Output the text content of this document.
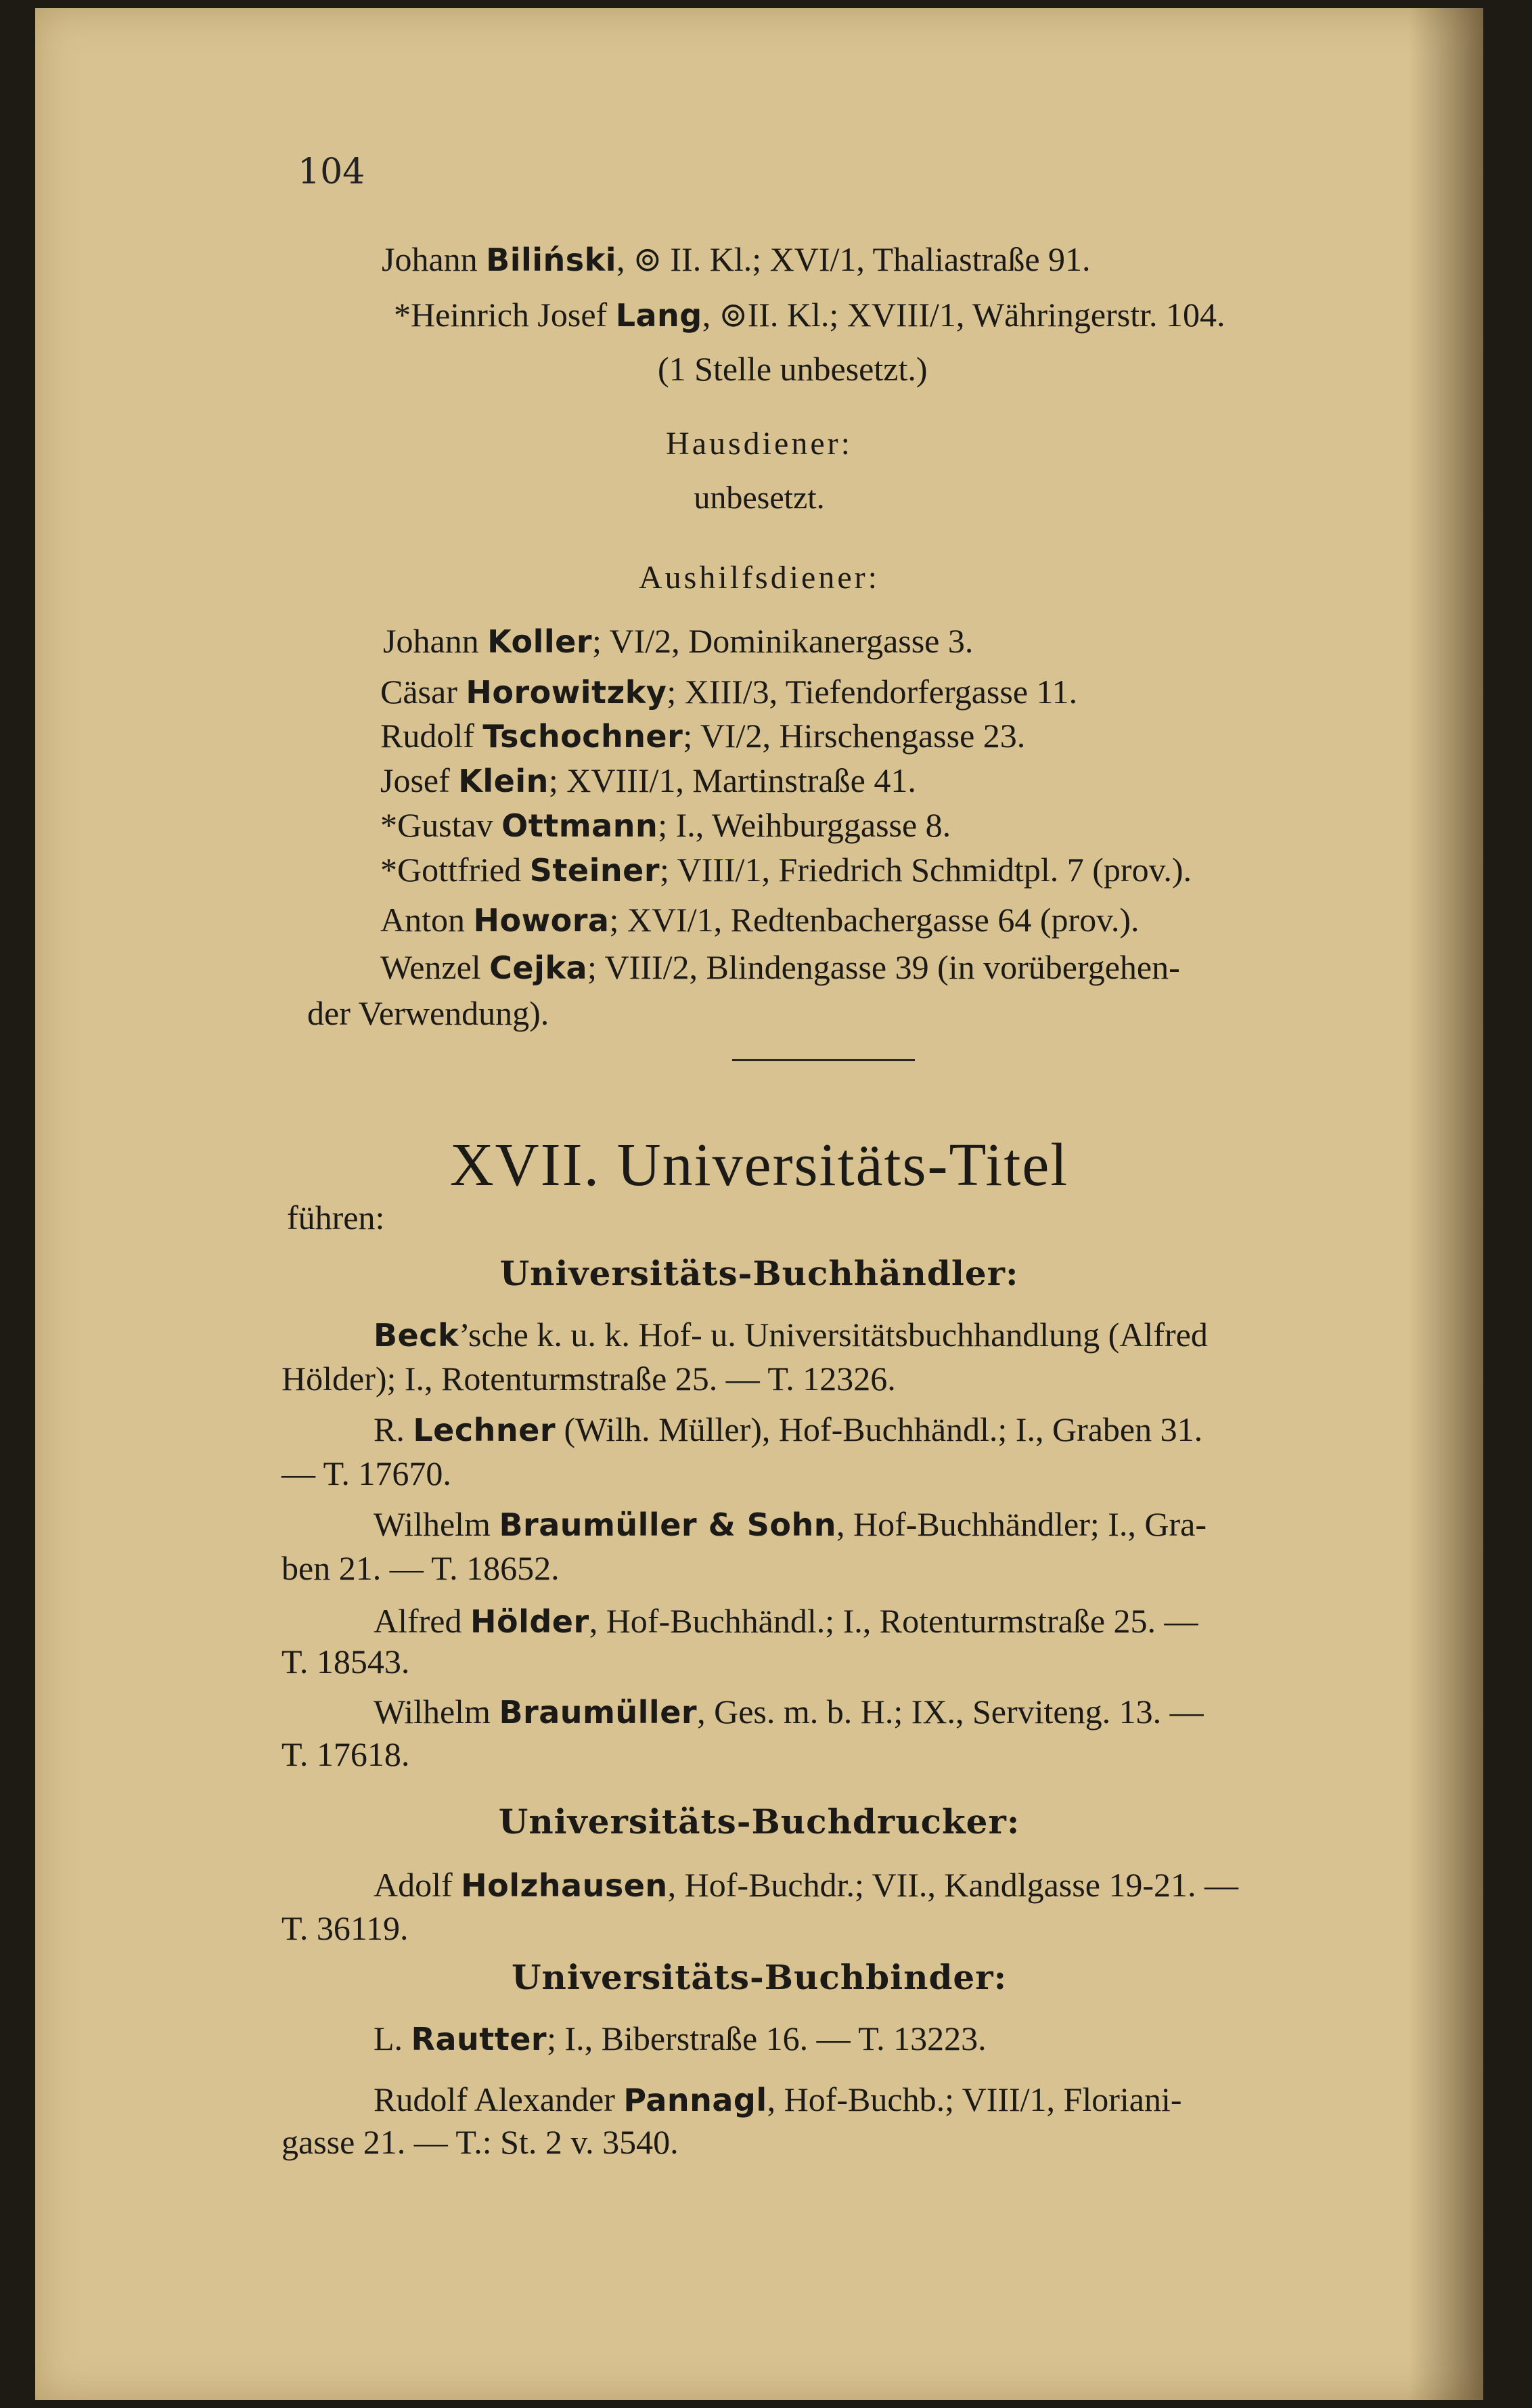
104
Johann Biliński, ⊚ II. Kl.; XVI/1, Thaliastraße 91.
*Heinrich Josef Lang, ⊚II. Kl.; XVIII/1, Währingerstr. 104.
(1 Stelle unbesetzt.)
Hausdiener:
unbesetzt.
Aushilfsdiener:
Johann Koller; VI/2, Dominikanergasse 3.
Cäsar Horowitzky; XIII/3, Tiefendorfergasse 11.
Rudolf Tschochner; VI/2, Hirschengasse 23.
Josef Klein; XVIII/1, Martinstraße 41.
*Gustav Ottmann; I., Weihburggasse 8.
*Gottfried Steiner; VIII/1, Friedrich Schmidtpl. 7 (prov.).
Anton Howora; XVI/1, Redtenbachergasse 64 (prov.).
Wenzel Cejka; VIII/2, Blindengasse 39 (in vorübergehen-
der Verwendung).
XVII. Universitäts-Titel
führen:
Universitäts-Buchhändler:
Beck’sche k. u. k. Hof- u. Universitätsbuchhandlung (Alfred
Hölder); I., Rotenturmstraße 25. — T. 12326.
R. Lechner (Wilh. Müller), Hof-Buchhändl.; I., Graben 31.
— T. 17670.
Wilhelm Braumüller & Sohn, Hof-Buchhändler; I., Gra-
ben 21. — T. 18652.
Alfred Hölder, Hof-Buchhändl.; I., Rotenturmstraße 25. —
T. 18543.
Wilhelm Braumüller, Ges. m. b. H.; IX., Serviteng. 13. —
T. 17618.
Universitäts-Buchdrucker:
Adolf Holzhausen, Hof-Buchdr.; VII., Kandlgasse 19-21. —
T. 36119.
Universitäts-Buchbinder:
L. Rautter; I., Biberstraße 16. — T. 13223.
Rudolf Alexander Pannagl, Hof-Buchb.; VIII/1, Floriani-
gasse 21. — T.: St. 2 v. 3540.
